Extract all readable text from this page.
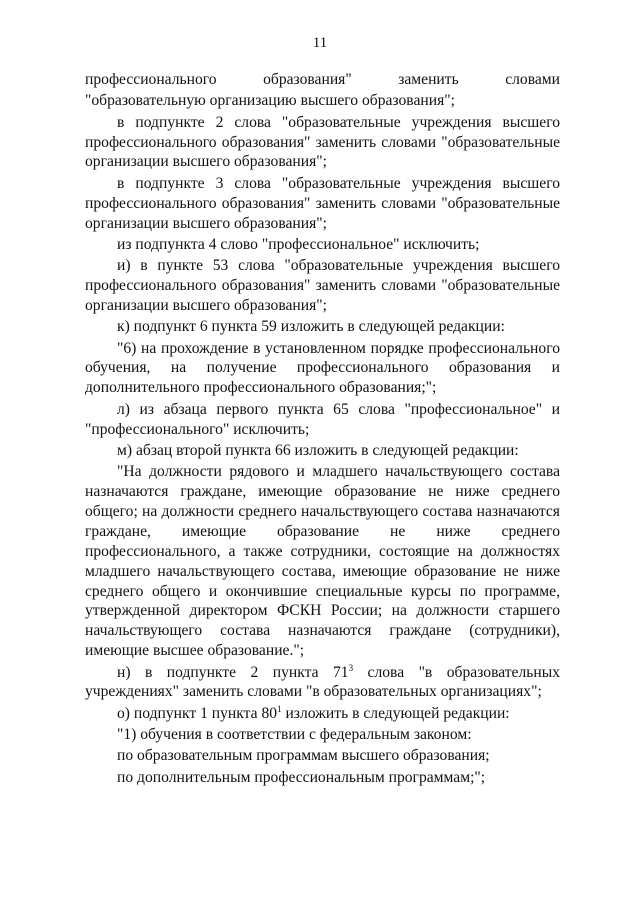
11

профессионального образования" заменить словами

"образовательную организацию высшего образования";

в подпункте 2 слова "образовательные учреждения высшего профессионального образования" заменить словами "образовательные организации высшего образования";

в подпункте 3 слова "образовательные учреждения высшего профессионального образования" заменить словами "образовательные организации высшего образования";

из подпункта 4 слово "профессиональное" исключить;

и) в пункте 53 слова "образовательные учреждения высшего профессионального образования" заменить словами "образовательные организации высшего образования";

к) подпункт 6 пункта 59 изложить в следующей редакции:

"6) на прохождение в установленном порядке профессионального обучения, на получение профессионального образования и дополнительного профессионального образования;";

л) из абзаца первого пункта 65 слова "профессиональное" и "профессионального" исключить;

м) абзац второй пункта 66 изложить в следующей редакции:

"На должности рядового и младшего начальствующего состава назначаются граждане, имеющие образование не ниже среднего общего; на должности среднего начальствующего состава назначаются граждане, имеющие образование не ниже среднего профессионального, а также сотрудники, состоящие на должностях младшего начальствующего состава, имеющие образование не ниже среднего общего и окончившие специальные курсы по программе, утвержденной директором ФСКН России; на должности старшего начальствующего состава назначаются граждане (сотрудники), имеющие высшее образование.";

н) в подпункте 2 пункта $71^3$ слова "в образовательных учреждениях" заменить словами "в образовательных организациях";

о) подпункт 1 пункта $80^1$ изложить в следующей редакции:

"1) обучения в соответствии с федеральным законом:

по образовательным программам высшего образования;

по дополнительным профессиональным программам;";
